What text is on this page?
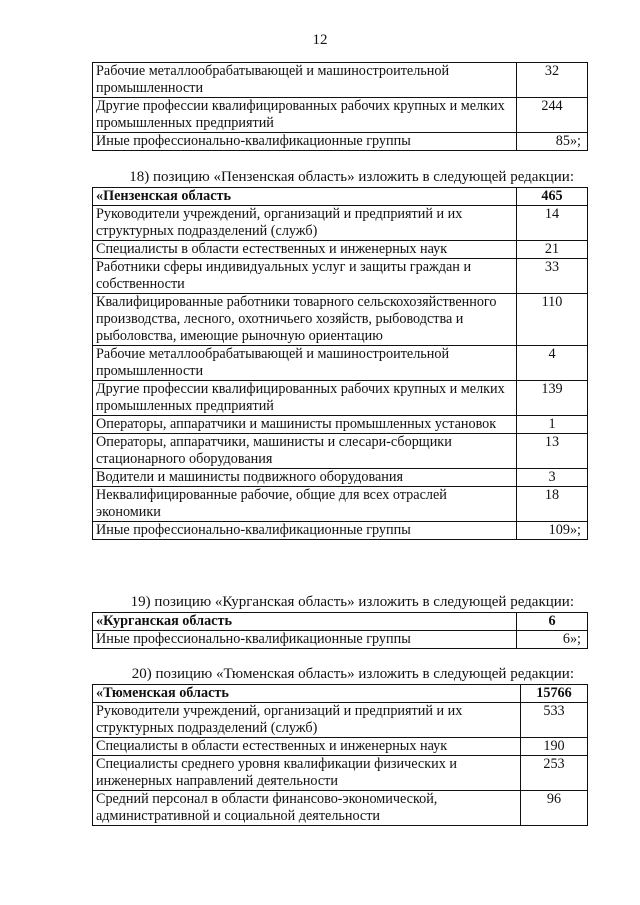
12
Рабочие металлообрабатывающей и машиностроительной промышленности	32
Другие профессии квалифицированных рабочих крупных и мелких промышленных предприятий	244
Иные профессионально-квалификационные группы	85»;
18) позицию «Пензенская область» изложить в следующей редакции:
«Пензенская область	465
Руководители учреждений, организаций и предприятий и их структурных подразделений (служб)	14
Специалисты в области естественных и инженерных наук	21
Работники сферы индивидуальных услуг и защиты граждан и собственности	33
Квалифицированные работники товарного сельскохозяйственного производства, лесного, охотничьего хозяйств, рыбоводства и рыболовства, имеющие рыночную ориентацию	110
Рабочие металлообрабатывающей и машиностроительной промышленности	4
Другие профессии квалифицированных рабочих крупных и мелких промышленных предприятий	139
Операторы, аппаратчики и машинисты промышленных установок	1
Операторы, аппаратчики, машинисты и слесари-сборщики стационарного оборудования	13
Водители и машинисты подвижного оборудования	3
Неквалифицированные рабочие, общие для всех отраслей экономики	18
Иные профессионально-квалификационные группы	109»;
19) позицию «Курганская область» изложить в следующей редакции:
«Курганская область	6
Иные профессионально-квалификационные группы	6»;
20) позицию «Тюменская область» изложить в следующей редакции:
«Тюменская область	15766
Руководители учреждений, организаций и предприятий и их структурных подразделений (служб)	533
Специалисты в области естественных и инженерных наук	190
Специалисты среднего уровня квалификации физических и инженерных направлений деятельности	253
Средний персонал в области финансово-экономической, административной и социальной деятельности	96
